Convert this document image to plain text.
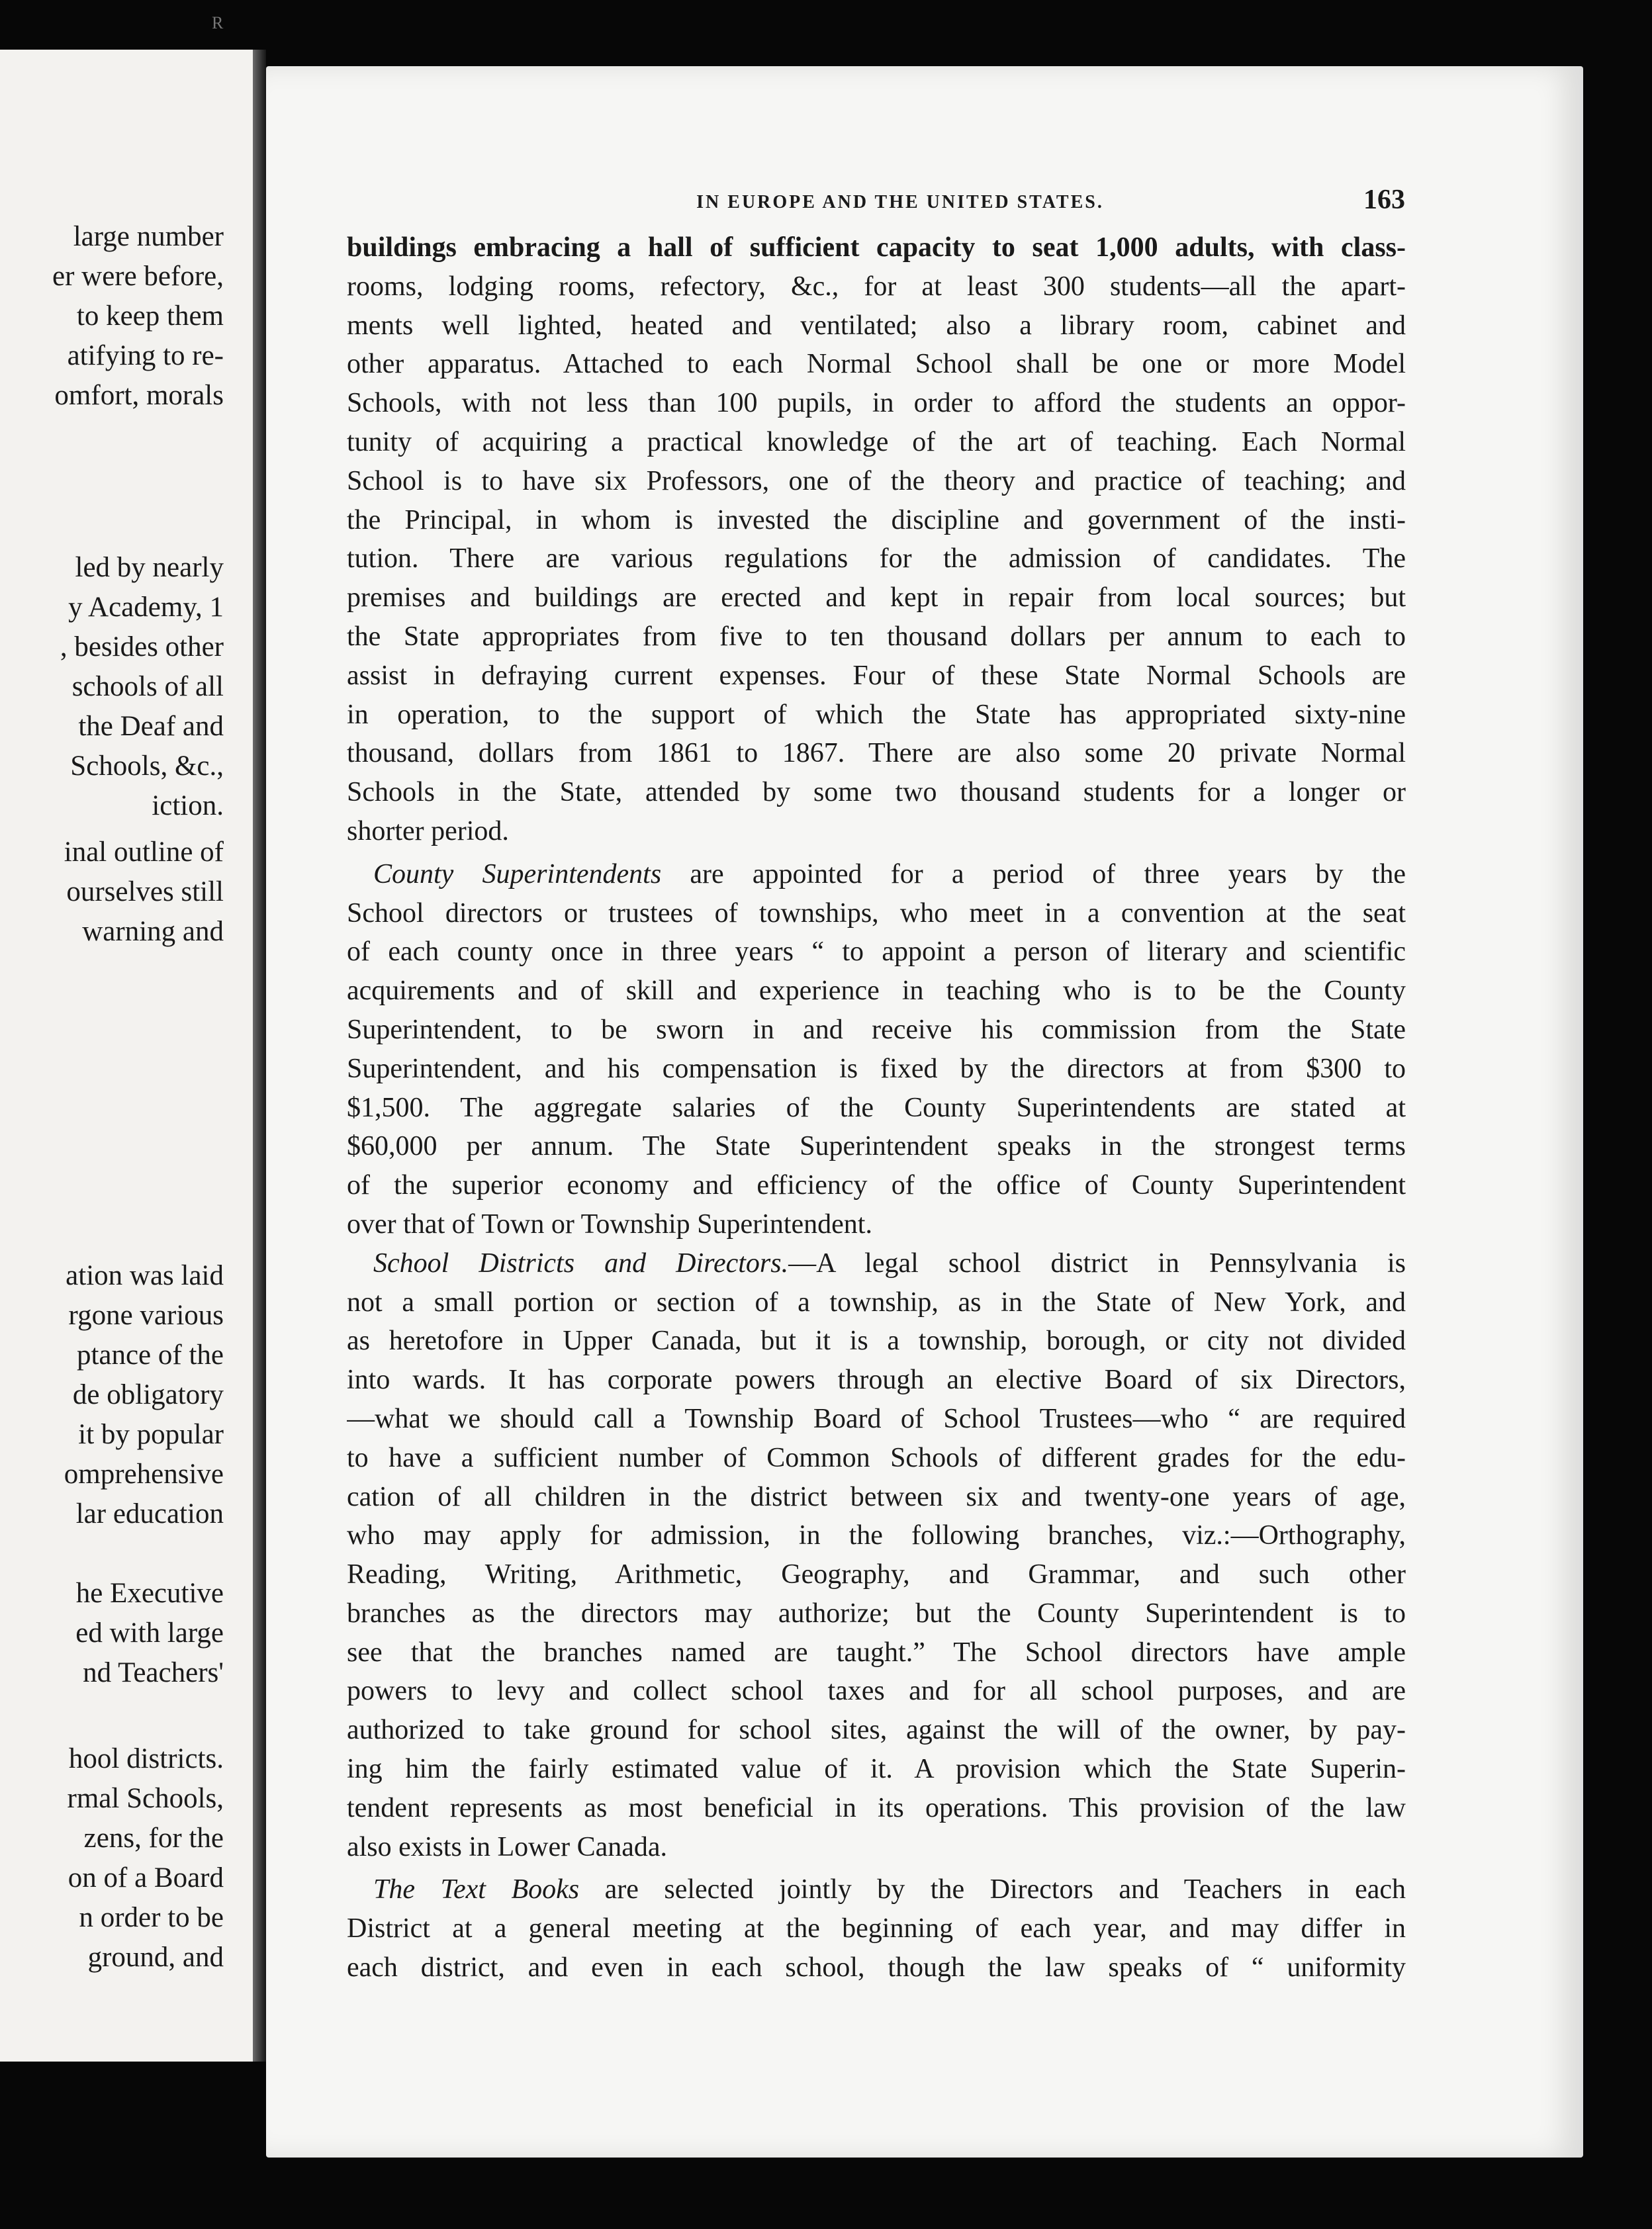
R

large number

er were before,

to keep them

atifying to re-

omfort, morals

led by nearly

y Academy, 1

, besides other

schools of all

the Deaf and

Schools, &c.,

iction.

inal outline of

ourselves still

warning and

ation was laid

rgone various

ptance of the

de obligatory

it by popular

omprehensive

lar education

he Executive

ed with large

nd Teachers'

hool districts.

rmal Schools,

zens, for the

on of a Board

n order to be

ground, and

IN EUROPE AND THE UNITED STATES.	163
buildings embracing a hall of sufficient capacity to seat 1,000 adults, with class-
rooms, lodging rooms, refectory, &c., for at least 300 students—all the apart-
ments well lighted, heated and ventilated; also a library room, cabinet and
other apparatus. Attached to each Normal School shall be one or more Model
Schools, with not less than 100 pupils, in order to afford the students an oppor-
tunity of acquiring a practical knowledge of the art of teaching. Each Normal
School is to have six Professors, one of the theory and practice of teaching; and
the Principal, in whom is invested the discipline and government of the insti-
tution. There are various regulations for the admission of candidates. The
premises and buildings are erected and kept in repair from local sources; but
the State appropriates from five to ten thousand dollars per annum to each to
assist in defraying current expenses. Four of these State Normal Schools are
in operation, to the support of which the State has appropriated sixty-nine
thousand, dollars from 1861 to 1867. There are also some 20 private Normal
Schools in the State, attended by some two thousand students for a longer or
shorter period.
County Superintendents are appointed for a period of three years by the
School directors or trustees of townships, who meet in a convention at the seat
of each county once in three years “ to appoint a person of literary and scientific
acquirements and of skill and experience in teaching who is to be the County
Superintendent, to be sworn in and receive his commission from the State
Superintendent, and his compensation is fixed by the directors at from $300 to
$1,500. The aggregate salaries of the County Superintendents are stated at
$60,000 per annum. The State Superintendent speaks in the strongest terms
of the superior economy and efficiency of the office of County Superintendent
over that of Town or Township Superintendent.
School Districts and Directors.—A legal school district in Pennsylvania is
not a small portion or section of a township, as in the State of New York, and
as heretofore in Upper Canada, but it is a township, borough, or city not divided
into wards. It has corporate powers through an elective Board of six Directors,
—what we should call a Township Board of School Trustees—who “ are required
to have a sufficient number of Common Schools of different grades for the edu-
cation of all children in the district between six and twenty-one years of age,
who may apply for admission, in the following branches, viz.:—Orthography,
Reading, Writing, Arithmetic, Geography, and Grammar, and such other
branches as the directors may authorize; but the County Superintendent is to
see that the branches named are taught.” The School directors have ample
powers to levy and collect school taxes and for all school purposes, and are
authorized to take ground for school sites, against the will of the owner, by pay-
ing him the fairly estimated value of it. A provision which the State Superin-
tendent represents as most beneficial in its operations. This provision of the law
also exists in Lower Canada.
The Text Books are selected jointly by the Directors and Teachers in each
District at a general meeting at the beginning of each year, and may differ in
each district, and even in each school, though the law speaks of “ uniformity
